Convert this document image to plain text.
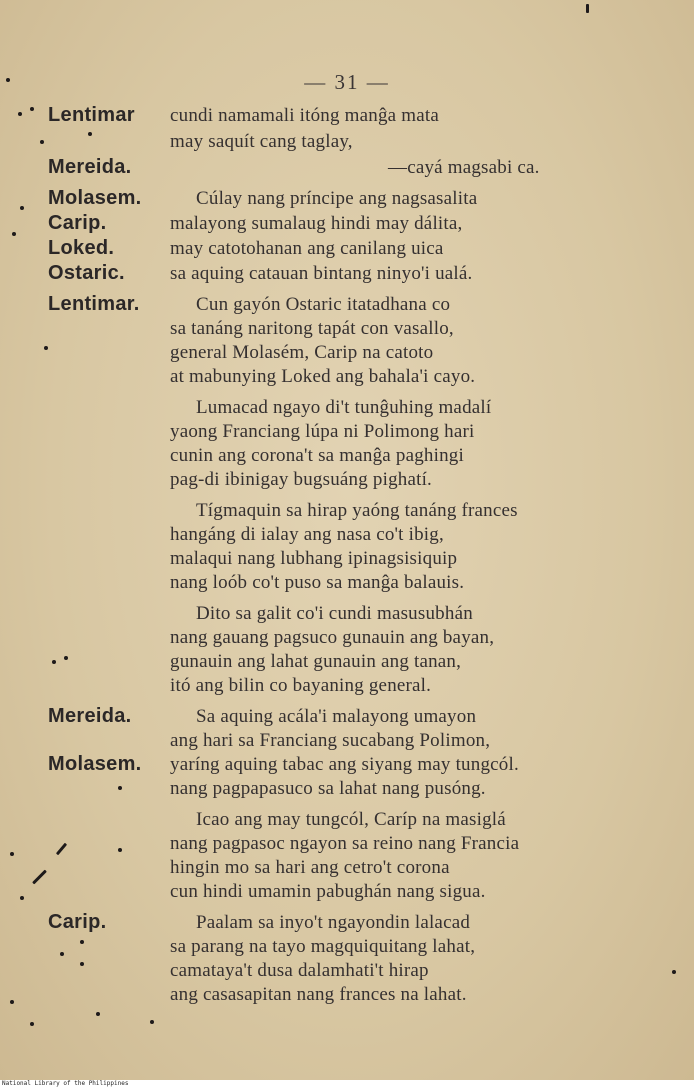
— 31 —
Lentimar cundi namamali itóng manĝa mata
may saquít cang taglay,
Mereida.	—cayá magsabi ca.
Molasem.	Cúlay nang príncipe ang nagsasalita
Carip.	malayong sumalaug hindi may dálita,
Loked.	may catotohanan ang canilang uica
Ostaric. sa aquing catauan bintang ninyo'i ualá.
Lentimar.	Cun gayón Ostaric itatadhana co
sa tanáng naritong tapát con vasallo,
general Molasém, Carip na catoto
at mabunying Loked ang bahala'i cayo.
Lumacad ngayo di't tunĝuhing madalí
yaong Franciang lúpa ni Polimong hari
cunin ang corona't sa manĝa paghingi
pag-di ibinigay bugsuáng pighatí.
Tígmaquin sa hirap yaóng tanáng frances
hangáng di ialay ang nasa co't ibig,
malaqui nang lubhang ipinagsisiquip
nang loób co't puso sa manĝa balauis.
Dito sa galit co'i cundi masusubhán
nang gauang pagsuco gunauin ang bayan,
gunauin ang lahat gunauin ang tanan,
itó ang bilin co bayaning general.
Mereida.	Sa aquing acála'i malayong umayon
ang hari sa Franciang sucabang Polimon,
Molasem. yaríng aquing tabac ang siyang may tungcól.
nang pagpapasuco sa lahat nang pusóng.
Icao ang may tungcól, Caríp na masiglá
nang pagpasoc ngayon sa reino nang Francia
hingin mo sa hari ang cetro't corona
cun hindi umamin pabughán nang sigua.
Carip.	Paalam sa inyo't ngayondin lalacad
sa parang na tayo magquiquitang lahat,
camataya't dusa dalamhati't hirap
ang casasapitan nang frances na lahat.
National Library of the Philippines
